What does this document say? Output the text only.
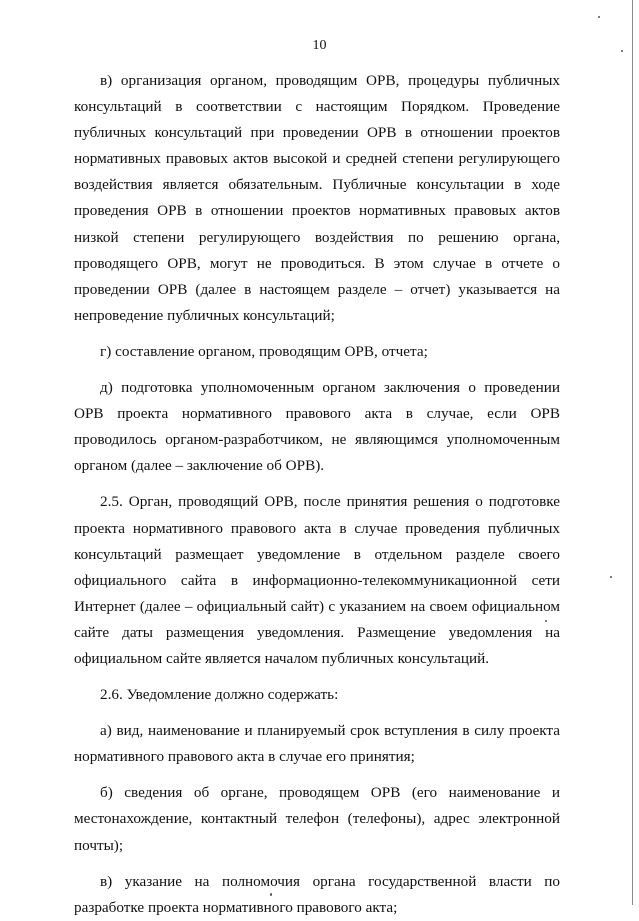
10

в) организация органом, проводящим ОРВ, процедуры публичных консультаций в соответствии с настоящим Порядком. Проведение публичных консультаций при проведении ОРВ в отношении проектов нормативных правовых актов высокой и средней степени регулирующего воздействия является обязательным. Публичные консультации в ходе проведения ОРВ в отношении проектов нормативных правовых актов низкой степени регулирующего воздействия по решению органа, проводящего ОРВ, могут не проводиться. В этом случае в отчете о проведении ОРВ (далее в настоящем разделе – отчет) указывается на непроведение публичных консультаций;

г) составление органом, проводящим ОРВ, отчета;

д) подготовка уполномоченным органом заключения о проведении ОРВ проекта нормативного правового акта в случае, если ОРВ проводилось органом-разработчиком, не являющимся уполномоченным органом (далее – заключение об ОРВ).

2.5. Орган, проводящий ОРВ, после принятия решения о подготовке проекта нормативного правового акта в случае проведения публичных консультаций размещает уведомление в отдельном разделе своего официального сайта в информационно-телекоммуникационной сети Интернет (далее – официальный сайт) с указанием на своем официальном сайте даты размещения уведомления. Размещение уведомления на официальном сайте является началом публичных консультаций.

2.6. Уведомление должно содержать:

а) вид, наименование и планируемый срок вступления в силу проекта нормативного правового акта в случае его принятия;

б) сведения об органе, проводящем ОРВ (его наименование и местонахождение, контактный телефон (телефоны), адрес электронной почты);

в) указание на полномочия органа государственной власти по разработке проекта нормативного правового акта;
